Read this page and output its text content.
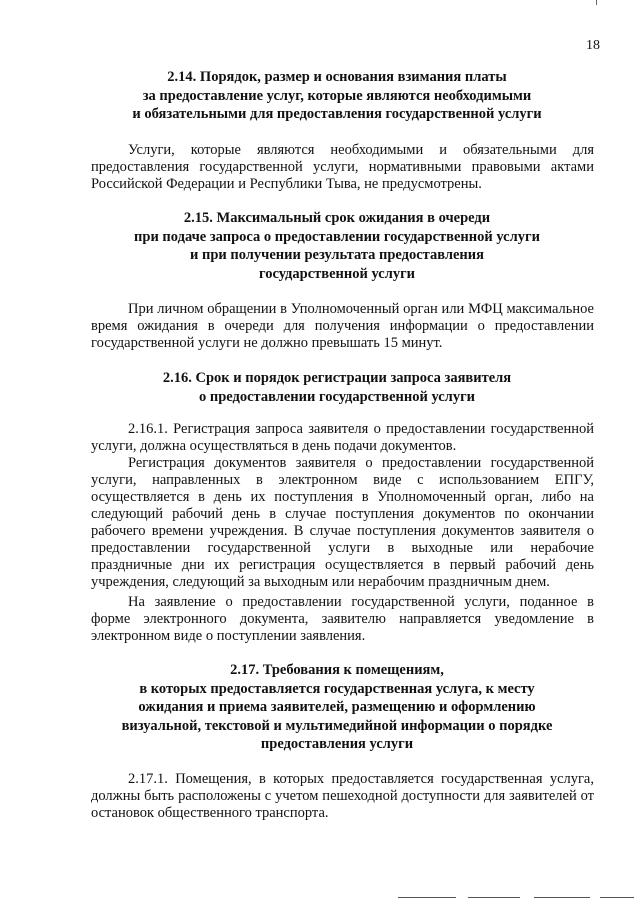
18
2.14. Порядок, размер и основания взимания платы
за предоставление услуг, которые являются необходимыми
и обязательными для предоставления государственной услуги
Услуги, которые являются необходимыми и обязательными для предоставления государственной услуги, нормативными правовыми актами Российской Федерации и Республики Тыва, не предусмотрены.
2.15. Максимальный срок ожидания в очереди
при подаче запроса о предоставлении государственной услуги
и при получении результата предоставления
государственной услуги
При личном обращении в Уполномоченный орган или МФЦ максимальное время ожидания в очереди для получения информации о предоставлении государственной услуги не должно превышать 15 минут.
2.16. Срок и порядок регистрации запроса заявителя
о предоставлении государственной услуги
2.16.1. Регистрация запроса заявителя о предоставлении государственной услуги, должна осуществляться в день подачи документов.
Регистрация документов заявителя о предоставлении государственной услуги, направленных в электронном виде с использованием ЕПГУ, осуществляется в день их поступления в Уполномоченный орган, либо на следующий рабочий день в случае поступления документов по окончании рабочего времени учреждения. В случае поступления документов заявителя о предоставлении государственной услуги в выходные или нерабочие праздничные дни их регистрация осуществляется в первый рабочий день учреждения, следующий за выходным или нерабочим праздничным днем.
На заявление о предоставлении государственной услуги, поданное в форме электронного документа, заявителю направляется уведомление в электронном виде о поступлении заявления.
2.17. Требования к помещениям,
в которых предоставляется государственная услуга, к месту
ожидания и приема заявителей, размещению и оформлению
визуальной, текстовой и мультимедийной информации о порядке
предоставления услуги
2.17.1. Помещения, в которых предоставляется государственная услуга, должны быть расположены с учетом пешеходной доступности для заявителей от остановок общественного транспорта.
